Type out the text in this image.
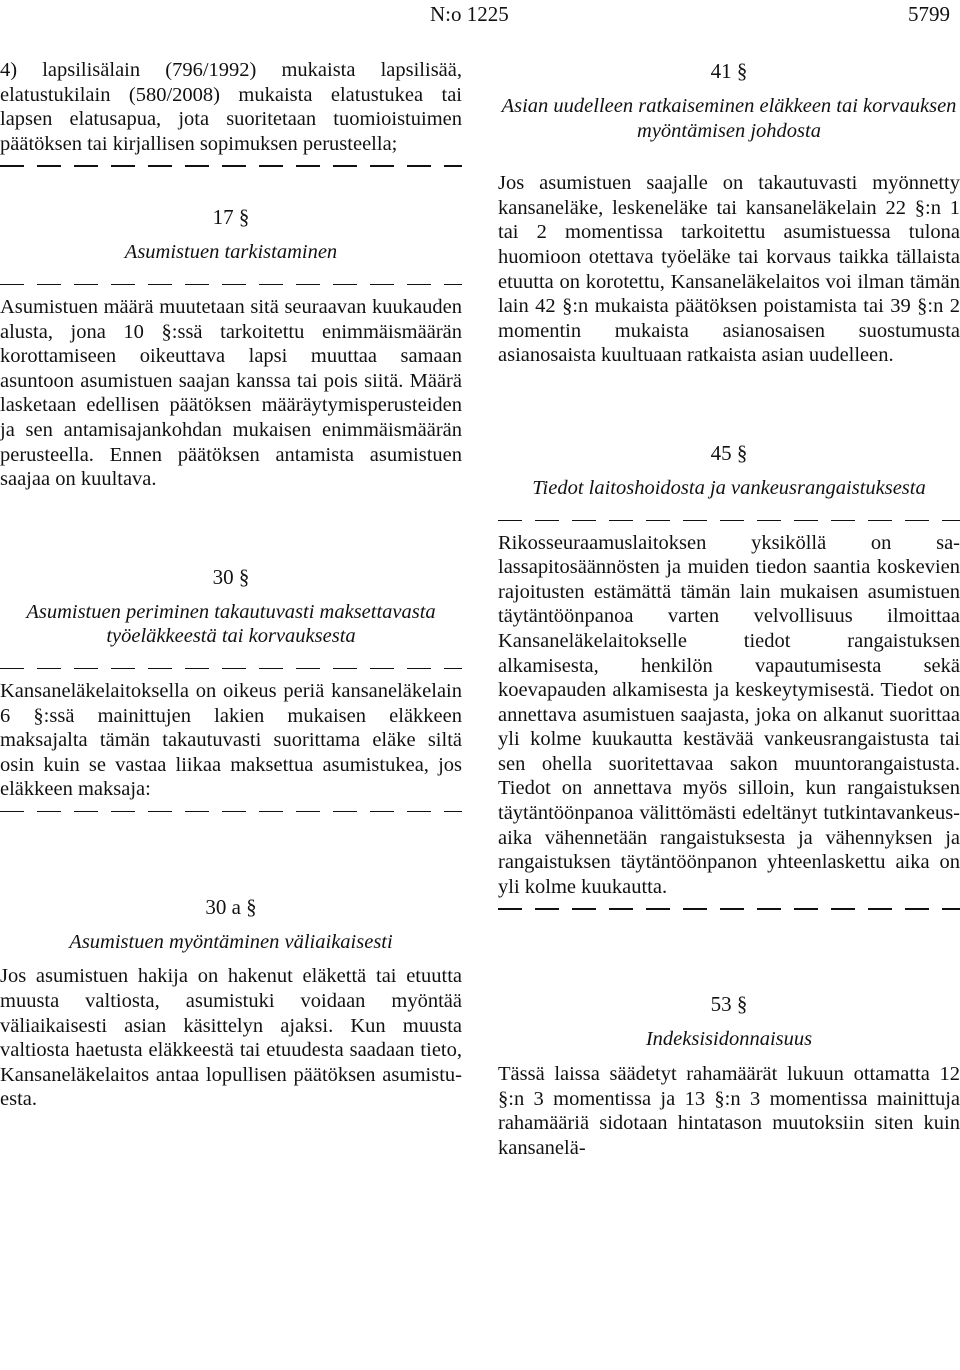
N:o 1225	5799

4) lapsilisälain (796/1992) mukaista lapsilisää, elatustukilain (580/2008) mukaista elatustukea tai lapsen elatusapua, jota suoritetaan tuomioistuimen päätöksen tai kirjallisen sopimuksen perusteella;

17 §

Asumistuen tarkistaminen

Asumistuen määrä muutetaan sitä seuraavan kuukauden alusta, jona 10 §:ssä tarkoitettu enimmäismäärän korottamiseen oikeuttava lapsi muuttaa samaan asuntoon asumistuen saajan kanssa tai pois siitä. Määrä lasketaan edellisen päätöksen määräytymisperusteiden ja sen antamisajankohdan mukaisen enimmäismäärän perusteella. Ennen päätöksen antamista asumistuen saajaa on kuultava.

30 §

Asumistuen periminen takautuvasti maksettavasta työeläkkeestä tai korvauksesta

Kansaneläkelaitoksella on oikeus periä kansaneläkelain 6 §:ssä mainittujen lakien mukaisen eläkkeen maksajalta tämän takautuvasti suorittama eläke siltä osin kuin se vastaa liikaa maksettua asumistukea, jos eläkkeen maksaja:

30 a §

Asumistuen myöntäminen väliaikaisesti

Jos asumistuen hakija on hakenut eläkettä tai etuutta muusta valtiosta, asumistuki voidaan myöntää väliaikaisesti asian käsittelyn ajaksi. Kun muusta valtiosta haetusta eläkkeestä tai etuudesta saadaan tieto, Kansaneläkelaitos antaa lopullisen päätöksen asumistuesta.

41 §

Asian uudelleen ratkaiseminen eläkkeen tai korvauksen myöntämisen johdosta

Jos asumistuen saajalle on takautuvasti myönnetty kansaneläke, leskeneläke tai kansaneläkelain 22 §:n 1 tai 2 momentissa tarkoitettu asumistuessa tulona huomioon otettava työeläke tai korvaus taikka tällaista etuutta on korotettu, Kansaneläkelaitos voi ilman tämän lain 42 §:n mukaista päätöksen poistamista tai 39 §:n 2 momentin mukaista asianosaisen suostumusta asianosaista kuultuaan ratkaista asian uudelleen.

45 §

Tiedot laitoshoidosta ja vankeusrangaistuksesta

Rikosseuraamuslaitoksen yksiköllä on salassapitosäännösten ja muiden tiedon saantia koskevien rajoitusten estämättä tämän lain mukaisen asumistuen täytäntöönpanoa varten velvollisuus ilmoittaa Kansaneläkelaitokselle tiedot rangaistuksen alkamisesta, henkilön vapautumisesta sekä koevapauden alkamisesta ja keskeytymisestä. Tiedot on annettava asumistuen saajasta, joka on alkanut suorittaa yli kolme kuukautta kestävää vankeusrangaistusta tai sen ohella suoritettavaa sakon muuntorangaistusta. Tiedot on annettava myös silloin, kun rangaistuksen täytäntöönpanoa välittömästi edeltänyt tutkintavankeusaika vähennetään rangaistuksesta ja vähennyksen ja rangaistuksen täytäntöönpanon yhteenlaskettu aika on yli kolme kuukautta.

53 §

Indeksisidonnaisuus

Tässä laissa säädetyt rahamäärät lukuun ottamatta 12 §:n 3 momentissa ja 13 §:n 3 momentissa mainittuja rahamääriä sidotaan hintatason muutoksiin siten kuin kansanelä-
